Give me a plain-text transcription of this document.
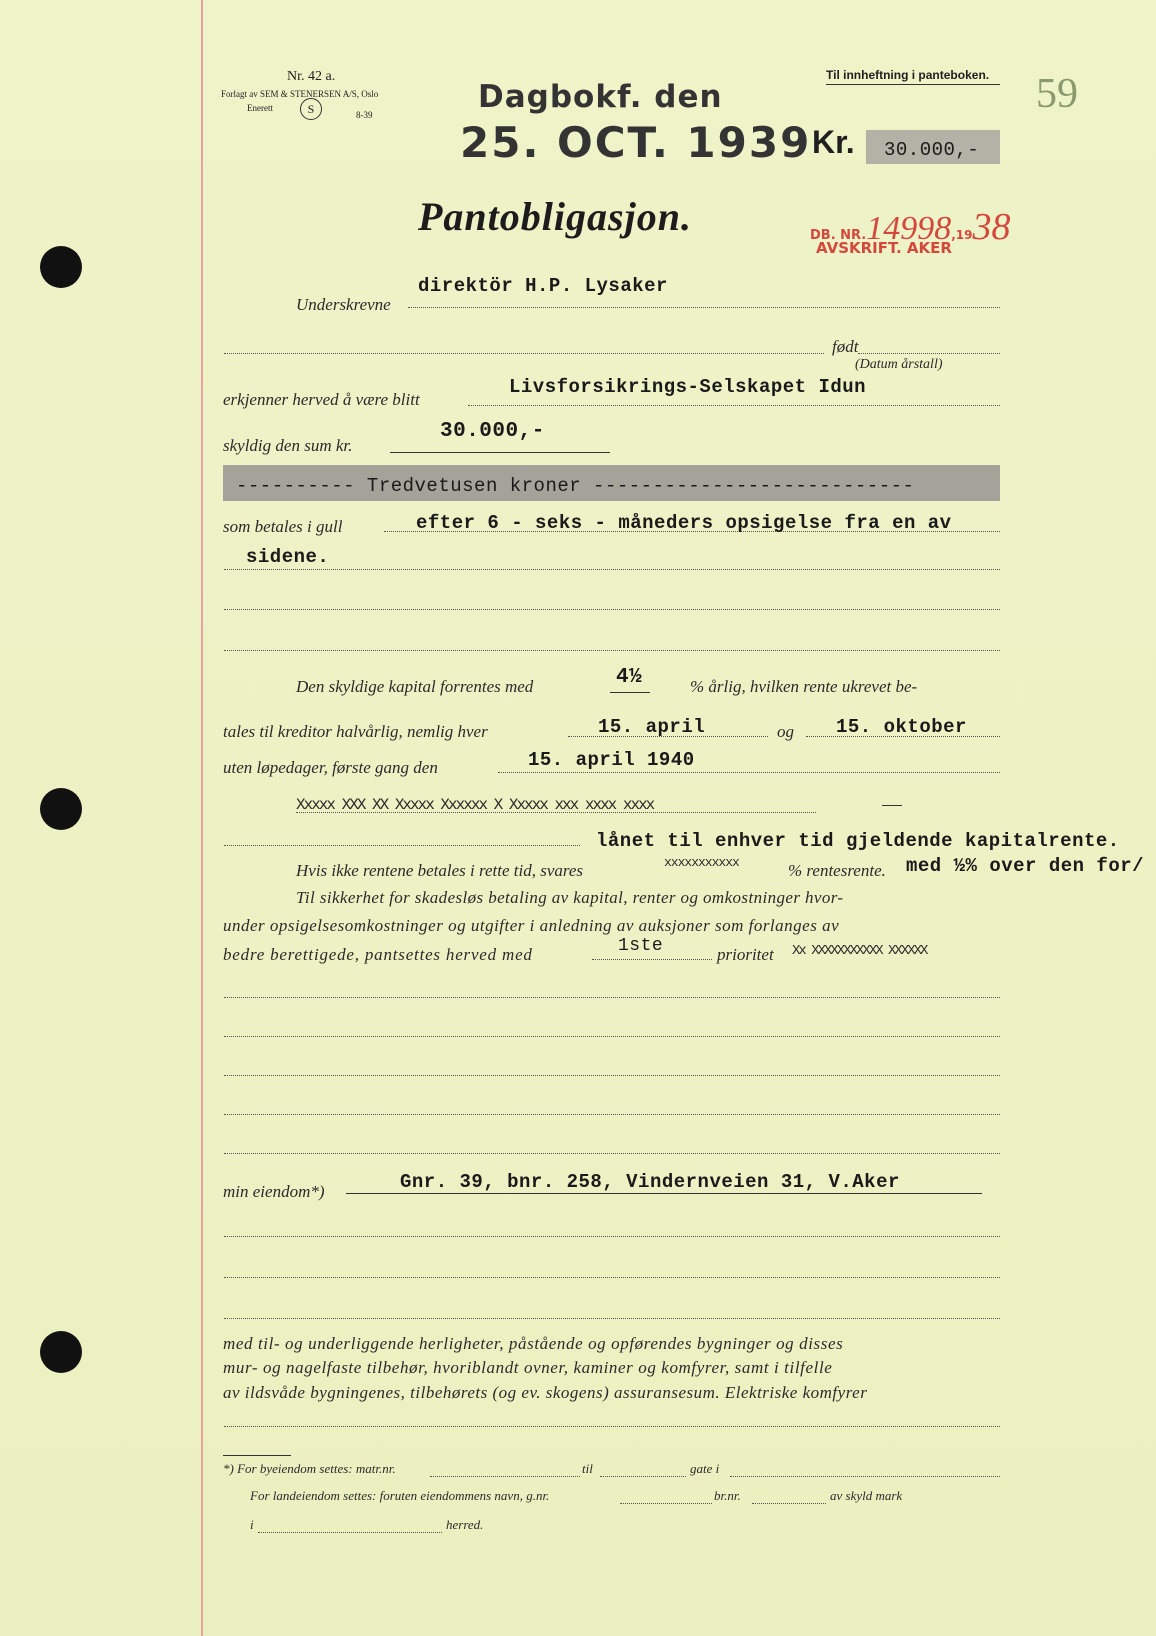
Nr. 42 a.
Forlagt av SEM & STENERSEN A/S, Oslo
Enerett	S	8-39	Dagbokf. den
25. OCT. 1939
Til innheftning i panteboken. 59
Kr. 30.000,-
Pantobligasjon.	DB. NR.14998,1938
AVSKRIFT. AKER
Underskrevne
direktör H.P. Lysaker
født
(Datum årstall)
erkjenner herved å være blitt
Livsforsikrings-Selskapet Idun
skyldig den sum kr.
30.000,-
---------- Tredvetusen kroner ---------------------------
som betales i gull	efter 6 - seks - måneders opsigelse fra en av
sidene.
Den skyldige kapital forrentes med	4½	% årlig, hvilken rente ukrevet be-
tales til kreditor halvårlig, nemlig hver	15. april	og 15. oktober
uten løpedager, første gang den	15. april 1940
Xxxxx XXX XX Xxxxx Xxxxxx X Xxxxx xxx xxxx xxxx
lånet til enhver tid gjeldende kapitalrente.
Hvis ikke rentene betales i rette tid, svares	xxxxxxxxxxx	% rentesrente. med ½% over den for/
Til sikkerhet for skadesløs betaling av kapital, renter og omkostninger hvor-
under opsigelsesomkostninger og utgifter i anledning av auksjoner som forlanges av
bedre berettigede, pantsettes herved med	1ste	prioritet Xx XXXXXXXXXXX XXXXXX
min eiendom*)	Gnr. 39, bnr. 258, Vindernveien 31, V.Aker
med til- og underliggende herligheter, påstående og opførendes bygninger og disses
mur- og nagelfaste tilbehør, hvoriblandt ovner, kaminer og komfyrer, samt i tilfelle
av ildsvåde bygningenes, tilbehørets (og ev. skogens) assuransesum. Elektriske komfyrer
*) For byeiendom settes: matr.nr.	til	gate i
For landeiendom settes: foruten eiendommens navn, g.nr.	br.nr.	av skyld mark
i	herred.
